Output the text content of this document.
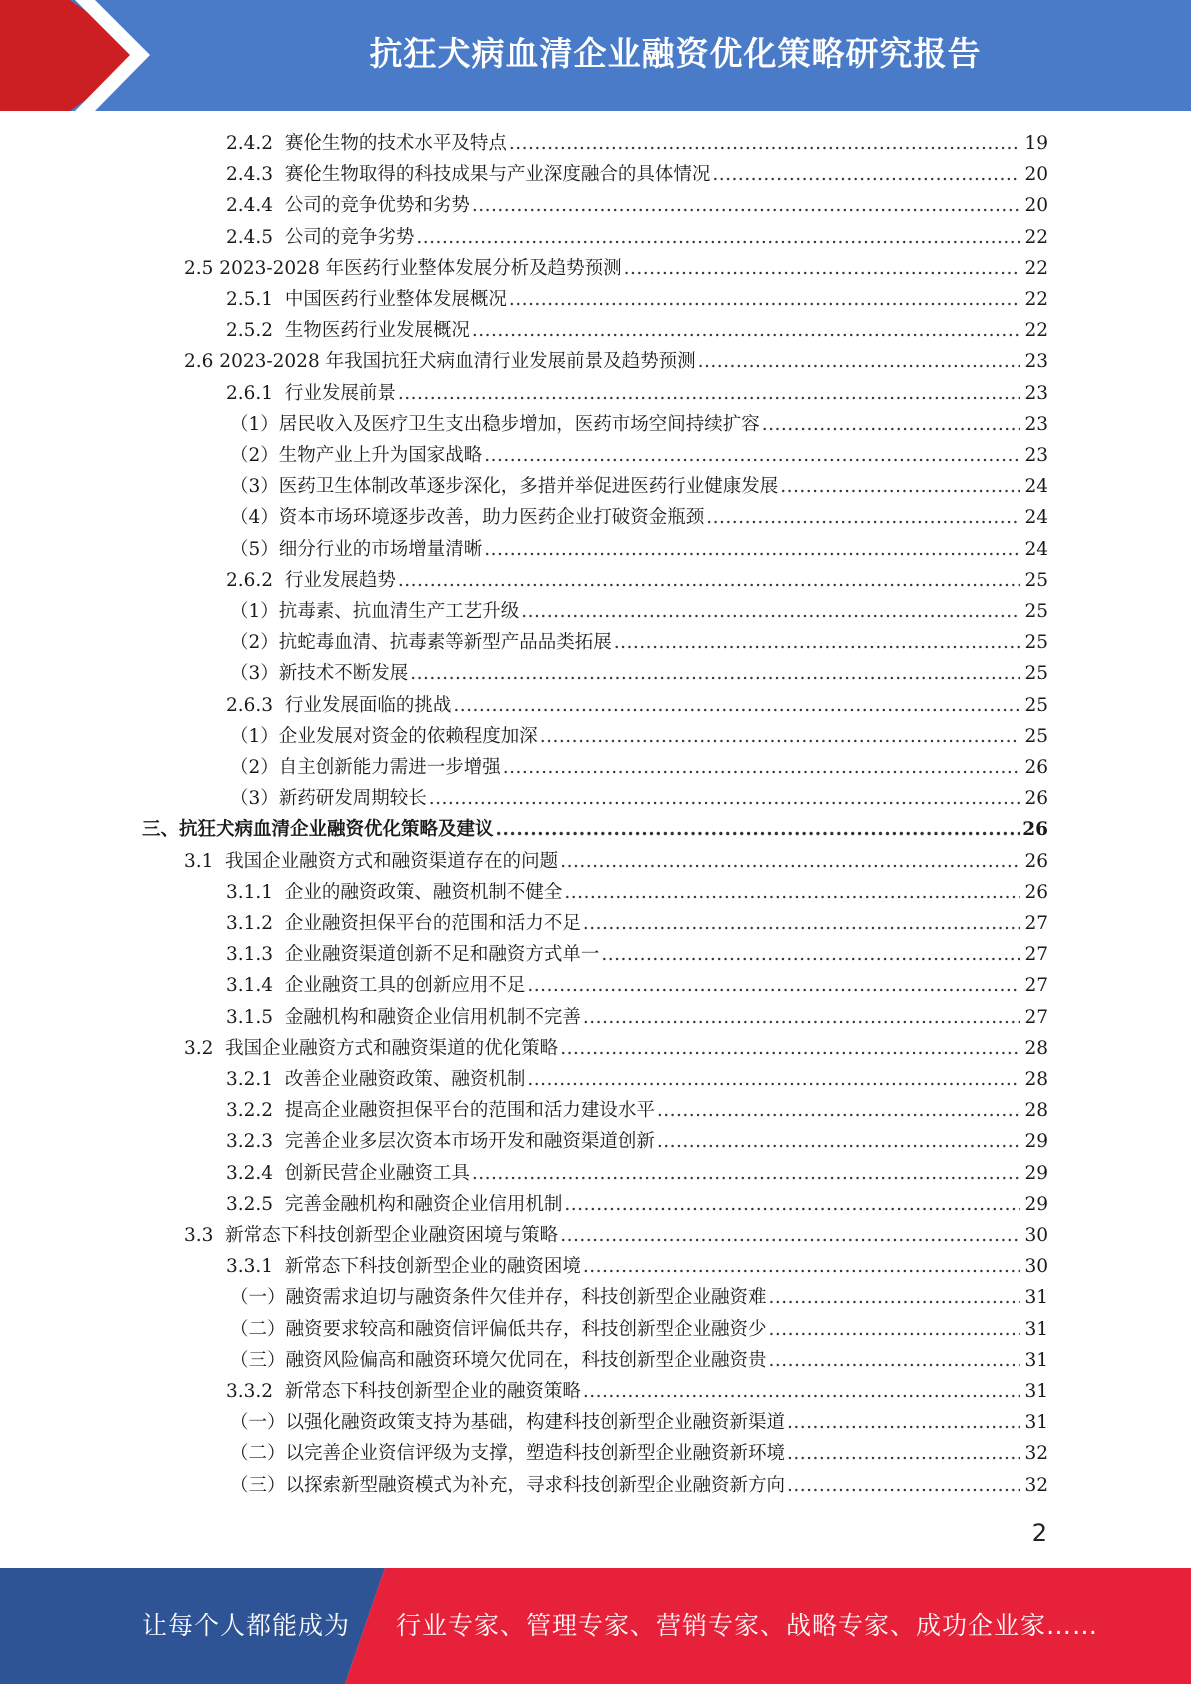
抗狂犬病血清企业融资优化策略研究报告
2.4.2  赛伦生物的技术水平及特点 .....	19
2.4.3  赛伦生物取得的科技成果与产业深度融合的具体情况 .....	20
2.4.4  公司的竞争优势和劣势 .....	20
2.4.5  公司的竞争劣势 .....	22
2.5 2023-2028 年医药行业整体发展分析及趋势预测 .....	22
2.5.1  中国医药行业整体发展概况 .....	22
2.5.2  生物医药行业发展概况 .....	22
2.6 2023-2028 年我国抗狂犬病血清行业发展前景及趋势预测 .....	23
2.6.1  行业发展前景 .....	23
（1）居民收入及医疗卫生支出稳步增加，医药市场空间持续扩容 .....	23
（2）生物产业上升为国家战略 .....	23
（3）医药卫生体制改革逐步深化，多措并举促进医药行业健康发展 .....	24
（4）资本市场环境逐步改善，助力医药企业打破资金瓶颈 .....	24
（5）细分行业的市场增量清晰 .....	24
2.6.2  行业发展趋势 .....	25
（1）抗毒素、抗血清生产工艺升级 .....	25
（2）抗蛇毒血清、抗毒素等新型产品品类拓展 .....	25
（3）新技术不断发展 .....	25
2.6.3  行业发展面临的挑战 .....	25
（1）企业发展对资金的依赖程度加深 .....	25
（2）自主创新能力需进一步增强 .....	26
（3）新药研发周期较长 .....	26
三、抗狂犬病血清企业融资优化策略及建议 .....	26
3.1  我国企业融资方式和融资渠道存在的问题 .....	26
3.1.1  企业的融资政策、融资机制不健全 .....	26
3.1.2  企业融资担保平台的范围和活力不足 .....	27
3.1.3  企业融资渠道创新不足和融资方式单一 .....	27
3.1.4  企业融资工具的创新应用不足 .....	27
3.1.5  金融机构和融资企业信用机制不完善 .....	27
3.2  我国企业融资方式和融资渠道的优化策略 .....	28
3.2.1  改善企业融资政策、融资机制 .....	28
3.2.2  提高企业融资担保平台的范围和活力建设水平 .....	28
3.2.3  完善企业多层次资本市场开发和融资渠道创新 .....	29
3.2.4  创新民营企业融资工具 .....	29
3.2.5  完善金融机构和融资企业信用机制 .....	29
3.3  新常态下科技创新型企业融资困境与策略 .....	30
3.3.1  新常态下科技创新型企业的融资困境 .....	30
（一）融资需求迫切与融资条件欠佳并存，科技创新型企业融资难 .....	31
（二）融资要求较高和融资信评偏低共存，科技创新型企业融资少 .....	31
（三）融资风险偏高和融资环境欠优同在，科技创新型企业融资贵 .....	31
3.3.2  新常态下科技创新型企业的融资策略 .....	31
（一）以强化融资政策支持为基础，构建科技创新型企业融资新渠道 .....	31
（二）以完善企业资信评级为支撑，塑造科技创新型企业融资新环境 .....	32
（三）以探索新型融资模式为补充，寻求科技创新型企业融资新方向 .....	32
2
让每个人都能成为 行业专家、管理专家、营销专家、战略专家、成功企业家……
